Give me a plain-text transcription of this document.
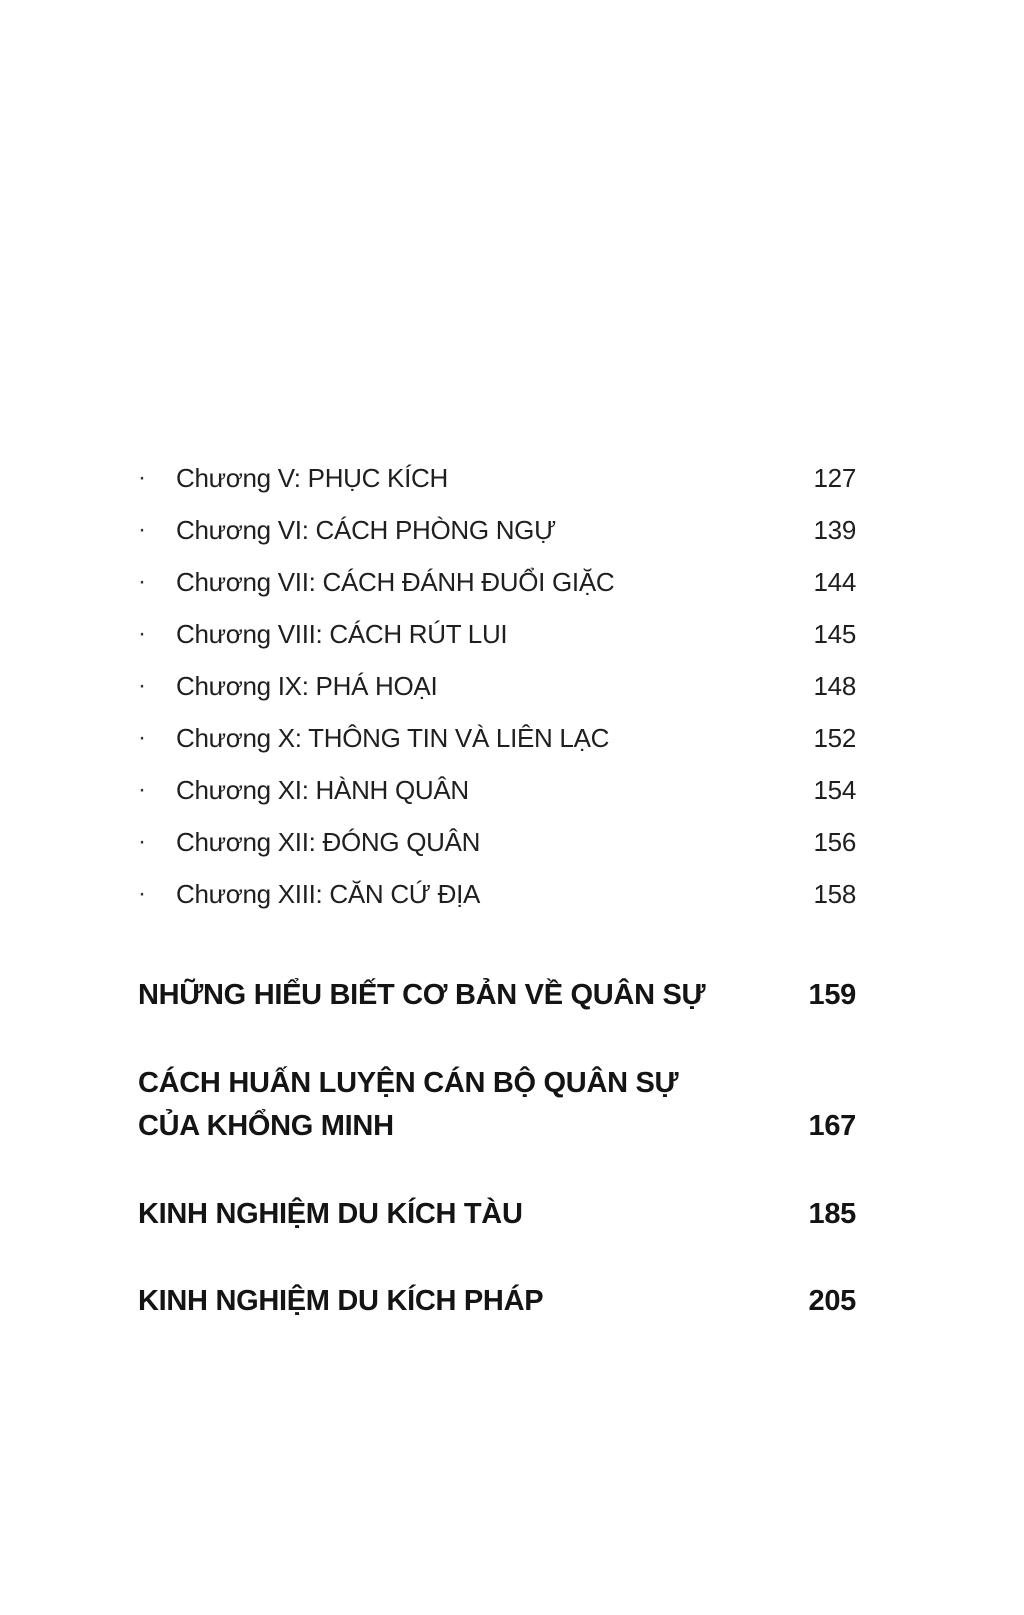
·	Chương V: PHỤC KÍCH	127
·	Chương VI: CÁCH PHÒNG NGỰ	139
·	Chương VII: CÁCH ĐÁNH ĐUỔI GIẶC	144
·	Chương VIII: CÁCH RÚT LUI	145
·	Chương IX: PHÁ HOẠI	148
·	Chương X: THÔNG TIN VÀ LIÊN LẠC	152
·	Chương XI: HÀNH QUÂN	154
·	Chương XII: ĐÓNG QUÂN	156
·	Chương XIII: CĂN CỨ ĐỊA	158
NHỮNG HIỂU BIẾT CƠ BẢN VỀ QUÂN SỰ	159
CÁCH HUẤN LUYỆN CÁN BỘ QUÂN SỰ
CỦA KHỔNG MINH	167
KINH NGHIỆM DU KÍCH TÀU	185
KINH NGHIỆM DU KÍCH PHÁP	205
